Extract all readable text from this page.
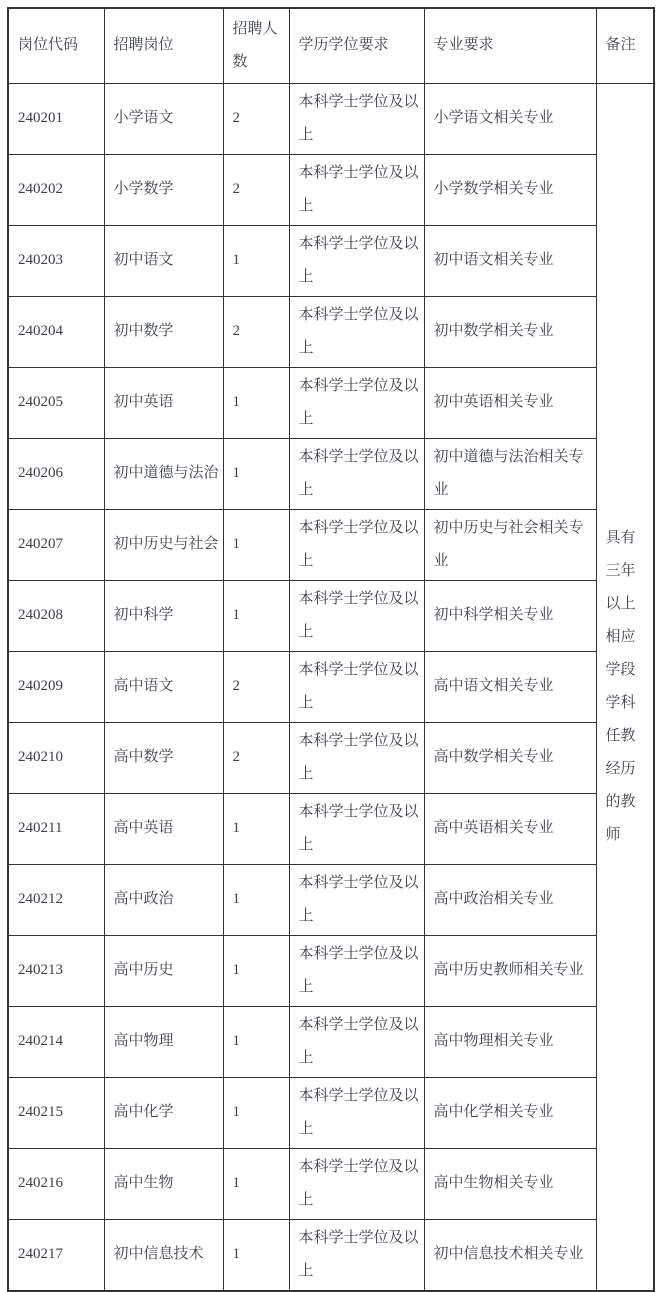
岗位代码	招聘岗位	招聘人数	学历学位要求	专业要求	备注
240201	小学语文	2	本科学士学位及以上	小学语文相关专业	具有三年以上相应学段学科任教经历的教师
240202	小学数学	2	本科学士学位及以上	小学数学相关专业	
240203	初中语文	1	本科学士学位及以上	初中语文相关专业	
240204	初中数学	2	本科学士学位及以上	初中数学相关专业	
240205	初中英语	1	本科学士学位及以上	初中英语相关专业	
240206	初中道德与法治	1	本科学士学位及以上	初中道德与法治相关专业	
240207	初中历史与社会	1	本科学士学位及以上	初中历史与社会相关专业	
240208	初中科学	1	本科学士学位及以上	初中科学相关专业	
240209	高中语文	2	本科学士学位及以上	高中语文相关专业	
240210	高中数学	2	本科学士学位及以上	高中数学相关专业	
240211	高中英语	1	本科学士学位及以上	高中英语相关专业	
240212	高中政治	1	本科学士学位及以上	高中政治相关专业	
240213	高中历史	1	本科学士学位及以上	高中历史教师相关专业	
240214	高中物理	1	本科学士学位及以上	高中物理相关专业	
240215	高中化学	1	本科学士学位及以上	高中化学相关专业	
240216	高中生物	1	本科学士学位及以上	高中生物相关专业	
240217	初中信息技术	1	本科学士学位及以上	初中信息技术相关专业	
